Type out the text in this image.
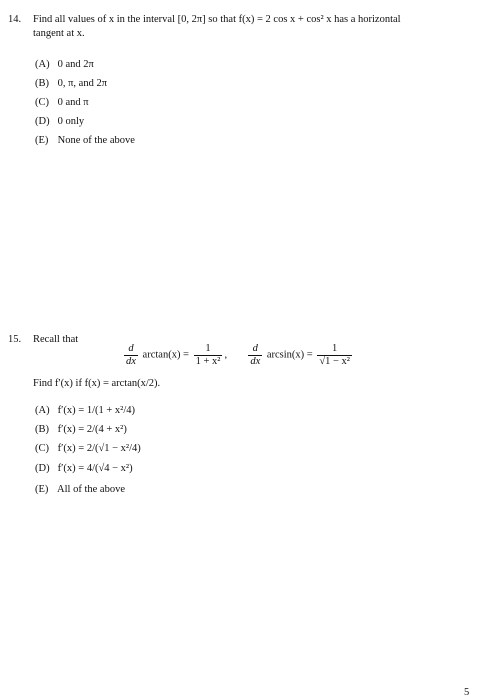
14. Find all values of x in the interval [0, 2π] so that f(x) = 2 cos x + cos² x has a horizontal
tangent at x.
(A) 0 and 2π
(B) 0, π, and 2π
(C) 0 and π
(D) 0 only
(E) None of the above
15. Recall that
$\frac{d}{dx} \arctan(x) = \frac{1}{\text{1 + x²}}$ , $\frac{d}{dx} \arcsin(x) = \frac{1}{\text{√1 − x²}}$
Find f′(x) if f(x) = arctan(x/2).
(A) f′(x) = 1/(1 + x²/4)
(B) f′(x) = 2/(4 + x²)
(C) f′(x) = 2/(√1 − x²/4)
(D) f′(x) = 4/(√4 − x²)
(E) All of the above
5
